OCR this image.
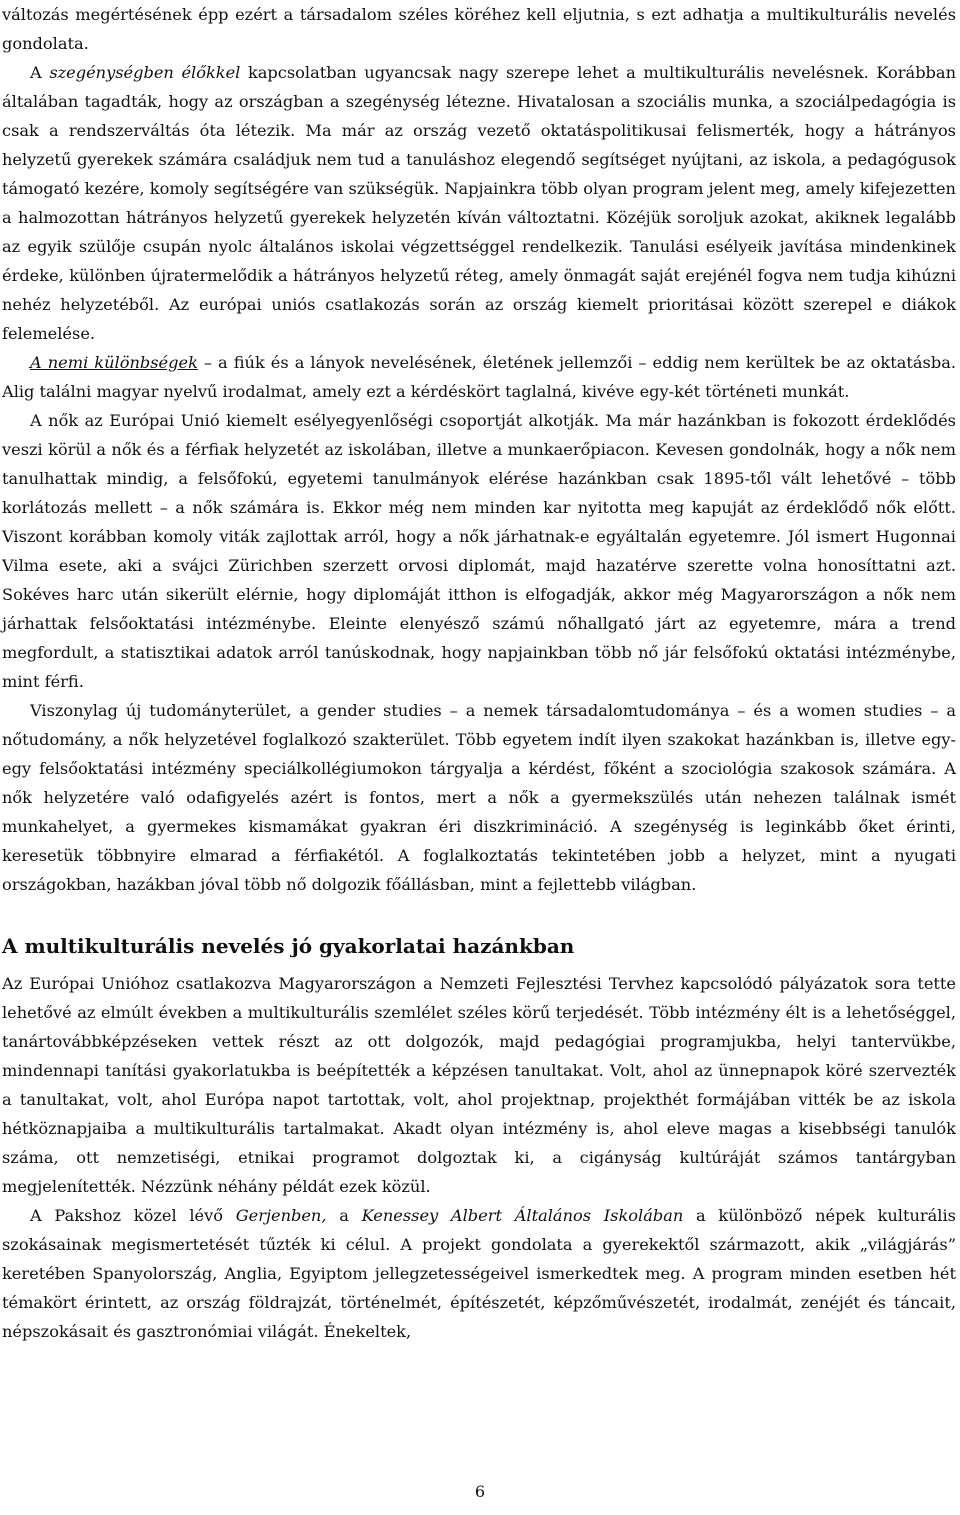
változás megértésének épp ezért a társadalom széles köréhez kell eljutnia, s ezt adhatja a multikulturális nevelés gondolata.

A szegénységben élőkkel kapcsolatban ugyancsak nagy szerepe lehet a multikulturális nevelésnek. Korábban általában tagadták, hogy az országban a szegénység létezne. Hivatalosan a szociális munka, a szociálpedagógia is csak a rendszerváltás óta létezik. Ma már az ország vezető oktatáspolitikusai felismerték, hogy a hátrányos helyzetű gyerekek számára családjuk nem tud a tanuláshoz elegendő segítséget nyújtani, az iskola, a pedagógusok támogató kezére, komoly segítségére van szükségük. Napjainkra több olyan program jelent meg, amely kifejezetten a halmozottan hátrányos helyzetű gyerekek helyzetén kíván változtatni. Közéjük soroljuk azokat, akiknek legalább az egyik szülője csupán nyolc általános iskolai végzettséggel rendelkezik. Tanulási esélyeik javítása mindenkinek érdeke, különben újratermelődik a hátrányos helyzetű réteg, amely önmagát saját erejénél fogva nem tudja kihúzni nehéz helyzetéből. Az európai uniós csatlakozás során az ország kiemelt prioritásai között szerepel e diákok felemelése.

A nemi különbségek – a fiúk és a lányok nevelésének, életének jellemzői – eddig nem kerültek be az oktatásba. Alig találni magyar nyelvű irodalmat, amely ezt a kérdéskört taglalná, kivéve egy-két történeti munkát.

A nők az Európai Unió kiemelt esélyegyenlőségi csoportját alkotják. Ma már hazánkban is fokozott érdeklődés veszi körül a nők és a férfiak helyzetét az iskolában, illetve a munkaerőpiacon. Kevesen gondolnák, hogy a nők nem tanulhattak mindig, a felsőfokú, egyetemi tanulmányok elérése hazánkban csak 1895-től vált lehetővé – több korlátozás mellett – a nők számára is. Ekkor még nem minden kar nyitotta meg kapuját az érdeklődő nők előtt. Viszont korábban komoly viták zajlottak arról, hogy a nők járhatnak-e egyáltalán egyetemre. Jól ismert Hugonnai Vilma esete, aki a svájci Zürichben szerzett orvosi diplomát, majd hazatérve szerette volna honosíttatni azt. Sokéves harc után sikerült elérnie, hogy diplomáját itthon is elfogadják, akkor még Magyarországon a nők nem járhattak felsőoktatási intézménybe. Eleinte elenyésző számú nőhallgató járt az egyetemre, mára a trend megfordult, a statisztikai adatok arról tanúskodnak, hogy napjainkban több nő jár felsőfokú oktatási intézménybe, mint férfi.

Viszonylag új tudományterület, a gender studies – a nemek társadalomtudománya – és a women studies – a nőtudomány, a nők helyzetével foglalkozó szakterület. Több egyetem indít ilyen szakokat hazánkban is, illetve egy-egy felsőoktatási intézmény speciálkollégiumokon tárgyalja a kérdést, főként a szociológia szakosok számára. A nők helyzetére való odafigyelés azért is fontos, mert a nők a gyermekszülés után nehezen találnak ismét munkahelyet, a gyermekes kismamákat gyakran éri diszkrimináció. A szegénység is leginkább őket érinti, keresetük többnyire elmarad a férfiakétól. A foglalkoztatás tekintetében jobb a helyzet, mint a nyugati országokban, hazákban jóval több nő dolgozik főállásban, mint a fejlettebb világban.

A multikulturális nevelés jó gyakorlatai hazánkban

Az Európai Unióhoz csatlakozva Magyarországon a Nemzeti Fejlesztési Tervhez kapcsolódó pályázatok sora tette lehetővé az elmúlt években a multikulturális szemlélet széles körű terjedését. Több intézmény élt is a lehetőséggel, tanártovábbképzéseken vettek részt az ott dolgozók, majd pedagógiai programjukba, helyi tantervükbe, mindennapi tanítási gyakorlatukba is beépítették a képzésen tanultakat. Volt, ahol az ünnepnapok köré szervezték a tanultakat, volt, ahol Európa napot tartottak, volt, ahol projektnap, projekthét formájában vitték be az iskola hétköznapjaiba a multikulturális tartalmakat. Akadt olyan intézmény is, ahol eleve magas a kisebbségi tanulók száma, ott nemzetiségi, etnikai programot dolgoztak ki, a cigányság kultúráját számos tantárgyban megjelenítették. Nézzünk néhány példát ezek közül.

A Pakshoz közel lévő Gerjenben, a Kenessey Albert Általános Iskolában a különböző népek kulturális szokásainak megismertetését tűzték ki célul. A projekt gondolata a gyerekektől származott, akik „világjárás” keretében Spanyolország, Anglia, Egyiptom jellegzetességeivel ismerkedtek meg. A program minden esetben hét témakört érintett, az ország földrajzát, történelmét, építészetét, képzőművészetét, irodalmát, zenéjét és táncait, népszokásait és gasztronómiai világát. Énekeltek,

6
